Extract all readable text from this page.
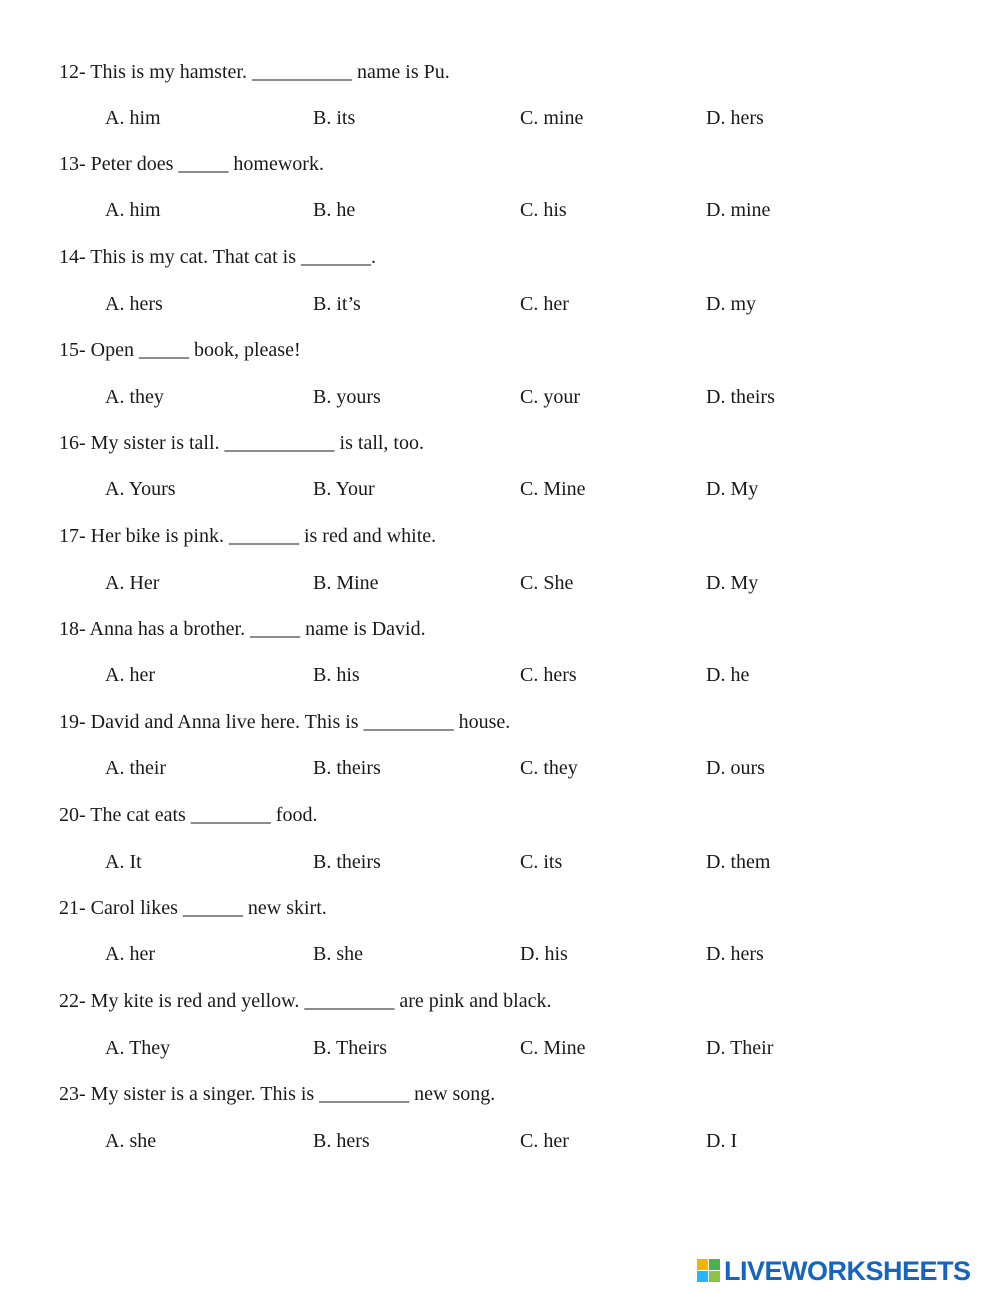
12- This is my hamster. __________ name is Pu.
A. him	B. its	C. mine	D. hers
13- Peter does _____ homework.
A. him	B. he	C. his	D. mine
14- This is my cat. That cat is _______.
A. hers	B. it’s	C. her	D. my
15- Open _____ book, please!
A. they	B. yours	C. your	D. theirs
16- My sister is tall. ___________ is tall, too.
A. Yours	B. Your	C. Mine	D. My
17- Her bike is pink. _______ is red and white.
A. Her	B. Mine	C. She	D. My
18- Anna has a brother. _____ name is David.
A. her	B. his	C. hers	D. he
19- David and Anna live here. This is _________ house.
A. their	B. theirs	C. they	D. ours
20- The cat eats ________ food.
A. It	B. theirs	C. its	D. them
21- Carol likes ______ new skirt.
A. her	B. she	D. his	D. hers
22- My kite is red and yellow. _________ are pink and black.
A. They	B. Theirs	C. Mine	D. Their
23- My sister is a singer. This is _________ new song.
A. she	B. hers	C. her	D. I
LIVEWORKSHEETS
